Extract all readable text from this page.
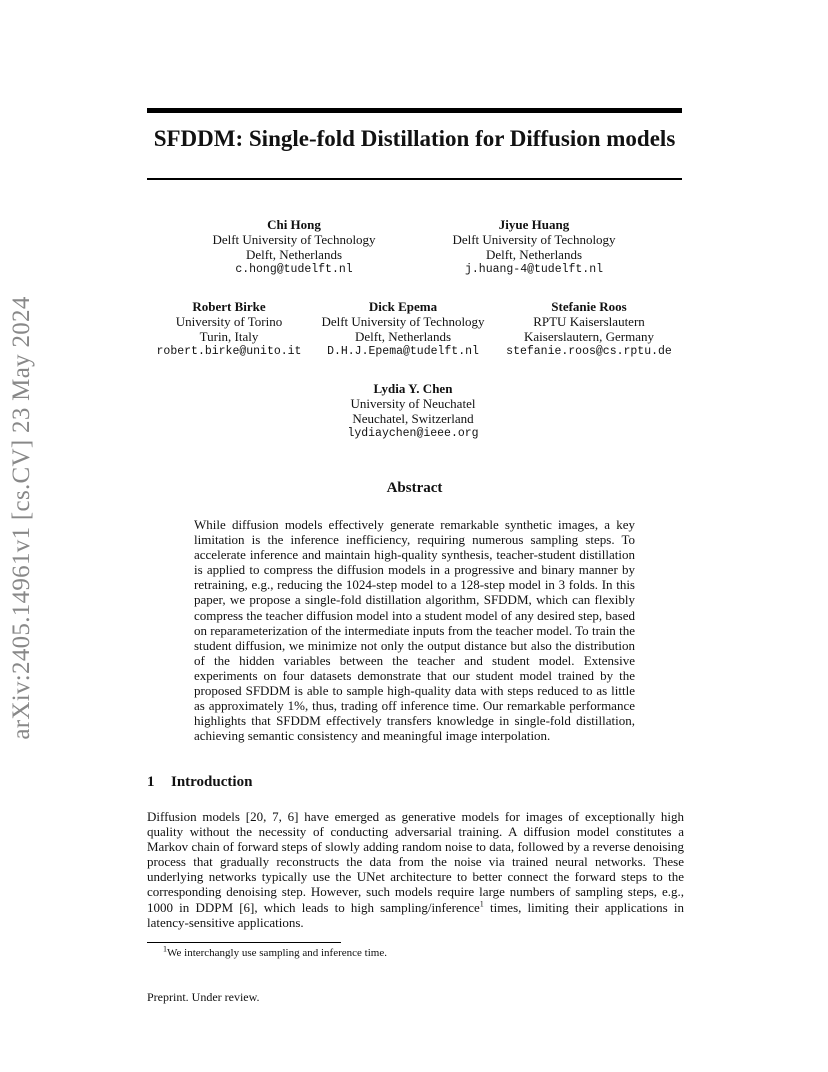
arXiv:2405.14961v1 [cs.CV] 23 May 2024
SFDDM: Single-fold Distillation for Diffusion models
Chi Hong
Delft University of Technology
Delft, Netherlands
c.hong@tudelft.nl
Jiyue Huang
Delft University of Technology
Delft, Netherlands
j.huang-4@tudelft.nl
Robert Birke
University of Torino
Turin, Italy
robert.birke@unito.it
Dick Epema
Delft University of Technology
Delft, Netherlands
D.H.J.Epema@tudelft.nl
Stefanie Roos
RPTU Kaiserslautern
Kaiserslautern, Germany
stefanie.roos@cs.rptu.de
Lydia Y. Chen
University of Neuchatel
Neuchatel, Switzerland
lydiaychen@ieee.org
Abstract

While diffusion models effectively generate remarkable synthetic images, a key limitation is the inference inefficiency, requiring numerous sampling steps. To accelerate inference and maintain high-quality synthesis, teacher-student distillation is applied to compress the diffusion models in a progressive and binary manner by retraining, e.g., reducing the 1024-step model to a 128-step model in 3 folds. In this paper, we propose a single-fold distillation algorithm, SFDDM, which can flexibly compress the teacher diffusion model into a student model of any desired step, based on reparameterization of the intermediate inputs from the teacher model. To train the student diffusion, we minimize not only the output distance but also the distribution of the hidden variables between the teacher and student model. Extensive experiments on four datasets demonstrate that our student model trained by the proposed SFDDM is able to sample high-quality data with steps reduced to as little as approximately 1%, thus, trading off inference time. Our remarkable performance highlights that SFDDM effectively transfers knowledge in single-fold distillation, achieving semantic consistency and meaningful image interpolation.

1 Introduction

Diffusion models [20, 7, 6] have emerged as generative models for images of exceptionally high quality without the necessity of conducting adversarial training. A diffusion model constitutes a Markov chain of forward steps of slowly adding random noise to data, followed by a reverse denoising process that gradually reconstructs the data from the noise via trained neural networks. These underlying networks typically use the UNet architecture to better connect the forward steps to the corresponding denoising step. However, such models require large numbers of sampling steps, e.g., 1000 in DDPM [6], which leads to high sampling/inference$^1$ times, limiting their applications in latency-sensitive applications.

$^1$We interchangly use sampling and inference time.

Preprint. Under review.
